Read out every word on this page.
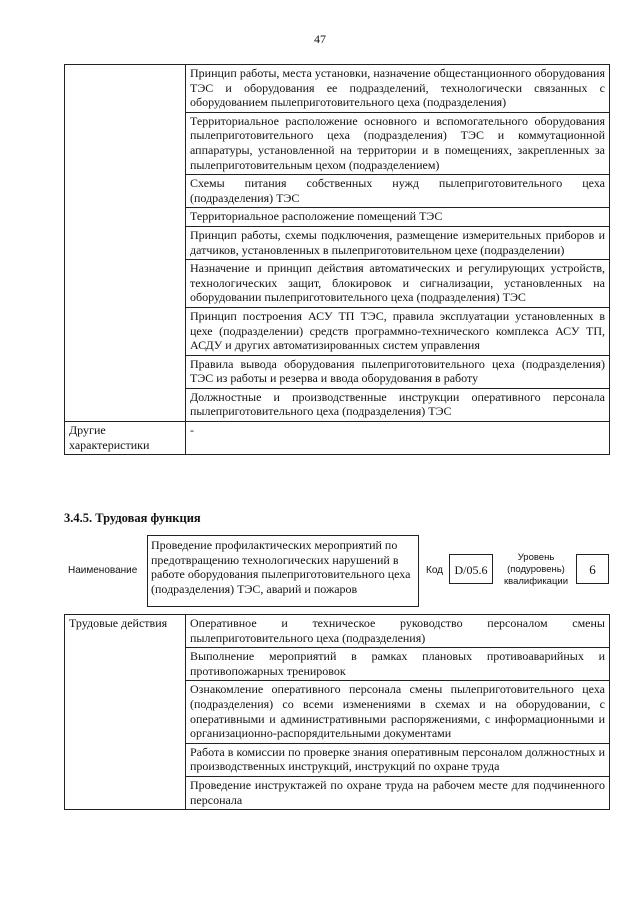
47
	Принцип работы, места установки, назначение общестанционного оборудования ТЭС и оборудования ее подразделений, технологически связанных с оборудованием пылеприготовительного цеха (подразделения)
	Территориальное расположение основного и вспомогательного оборудования пылеприготовительного цеха (подразделения) ТЭС и коммутационной аппаратуры, установленной на территории и в помещениях, закрепленных за пылеприготовительным цехом (подразделением)
	Схемы питания собственных нужд пылеприготовительного цеха (подразделения) ТЭС
	Территориальное расположение помещений ТЭС
	Принцип работы, схемы подключения, размещение измерительных приборов и датчиков, установленных в пылеприготовительном цехе (подразделении)
	Назначение и принцип действия автоматических и регулирующих устройств, технологических защит, блокировок и сигнализации, установленных на оборудовании пылеприготовительного цеха (подразделения) ТЭС
	Принцип построения АСУ ТП ТЭС, правила эксплуатации установленных в цехе (подразделении) средств программно-технического комплекса АСУ ТП, АСДУ и других автоматизированных систем управления
	Правила вывода оборудования пылеприготовительного цеха (подразделения) ТЭС из работы и резерва и ввода оборудования в работу
	Должностные и производственные инструкции оперативного персонала пылеприготовительного цеха (подразделения) ТЭС
Другие характеристики	-
3.4.5. Трудовая функция
Наименование
Проведение профилактических мероприятий по предотвращению технологических нарушений в работе оборудования пылеприготовительного цеха (подразделения) ТЭС, аварий и пожаров
Код D/05.6
Уровень (подуровень) квалификации
6
Трудовые действия	Оперативное и техническое руководство персоналом смены пылеприготовительного цеха (подразделения)
Выполнение мероприятий в рамках плановых противоаварийных и противопожарных тренировок
Ознакомление оперативного персонала смены пылеприготовительного цеха (подразделения) со всеми изменениями в схемах и на оборудовании, с оперативными и административными распоряжениями, с информационными и организационно-распорядительными документами
Работа в комиссии по проверке знания оперативным персоналом должностных и производственных инструкций, инструкций по охране труда
Проведение инструктажей по охране труда на рабочем месте для подчиненного персонала
